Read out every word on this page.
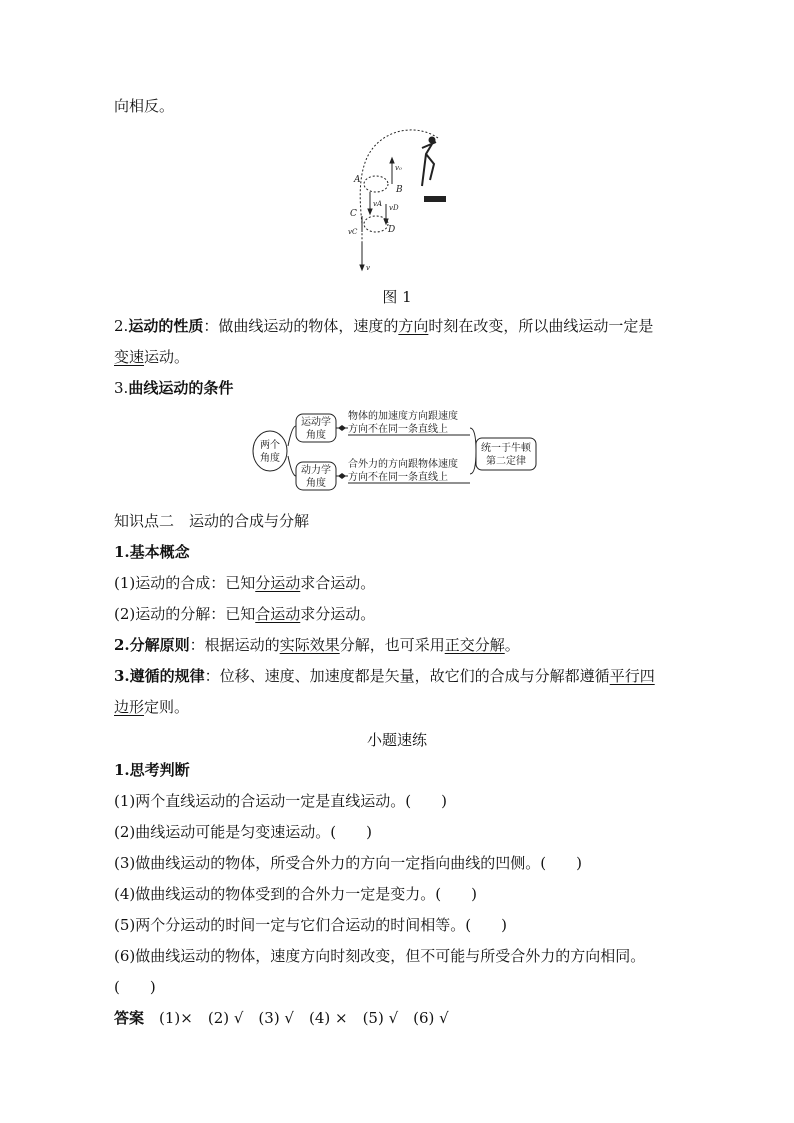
向相反。
A
B
C
D
v₀
vA vD
vC
v
图 1
2.运动的性质：做曲线运动的物体，速度的方向时刻在改变，所以曲线运动一定是
变速运动。
3.曲线运动的条件
两个
角度
运动学
角度
动力学
角度
统一于牛顿
第二定律
物体的加速度方向跟速度
方向不在同一条直线上
合外力的方向跟物体速度
方向不在同一条直线上
知识点二　运动的合成与分解
1.基本概念
(1)运动的合成：已知分运动求合运动。
(2)运动的分解：已知合运动求分运动。
2.分解原则：根据运动的实际效果分解，也可采用正交分解。
3.遵循的规律：位移、速度、加速度都是矢量，故它们的合成与分解都遵循平行四
边形定则。
小题速练
1.思考判断
(1)两个直线运动的合运动一定是直线运动。(　　)
(2)曲线运动可能是匀变速运动。(　　)
(3)做曲线运动的物体，所受合外力的方向一定指向曲线的凹侧。(　　)
(4)做曲线运动的物体受到的合外力一定是变力。(　　)
(5)两个分运动的时间一定与它们合运动的时间相等。(　　)
(6)做曲线运动的物体，速度方向时刻改变，但不可能与所受合外力的方向相同。
(　　)
答案　 (1)×　(2) √　(3) √　(4) ×　(5) √　(6) √
